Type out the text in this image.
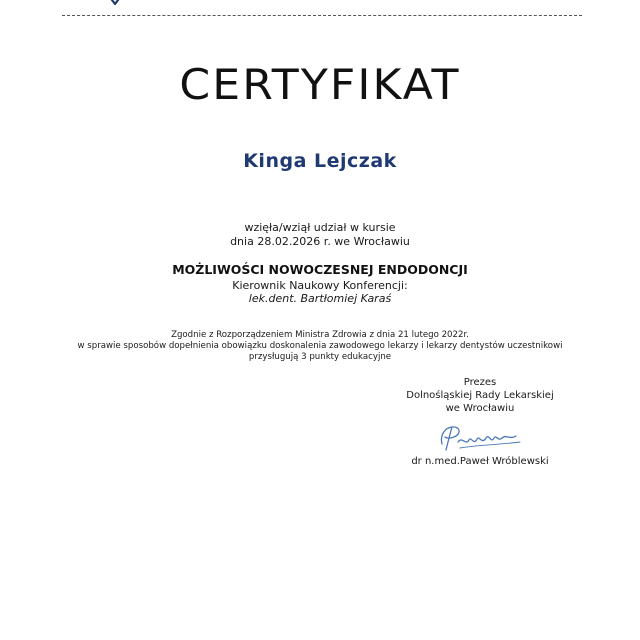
CERTYFIKAT
Kinga Lejczak
wzięła/wziął udział w kursie
dnia 28.02.2026 r. we Wrocławiu
MOŻLIWOŚCI NOWOCZESNEJ ENDODONCJI
Kierownik Naukowy Konferencji:
lek.dent. Bartłomiej Karaś
Zgodnie z Rozporządzeniem Ministra Zdrowia z dnia 21 lutego 2022r.
w sprawie sposobów dopełnienia obowiązku doskonalenia zawodowego lekarzy i lekarzy dentystów uczestnikowi
przysługują 3 punkty edukacyjne
Prezes
Dolnośląskiej Rady Lekarskiej
we Wrocławiu
dr n.med.Paweł Wróblewski
